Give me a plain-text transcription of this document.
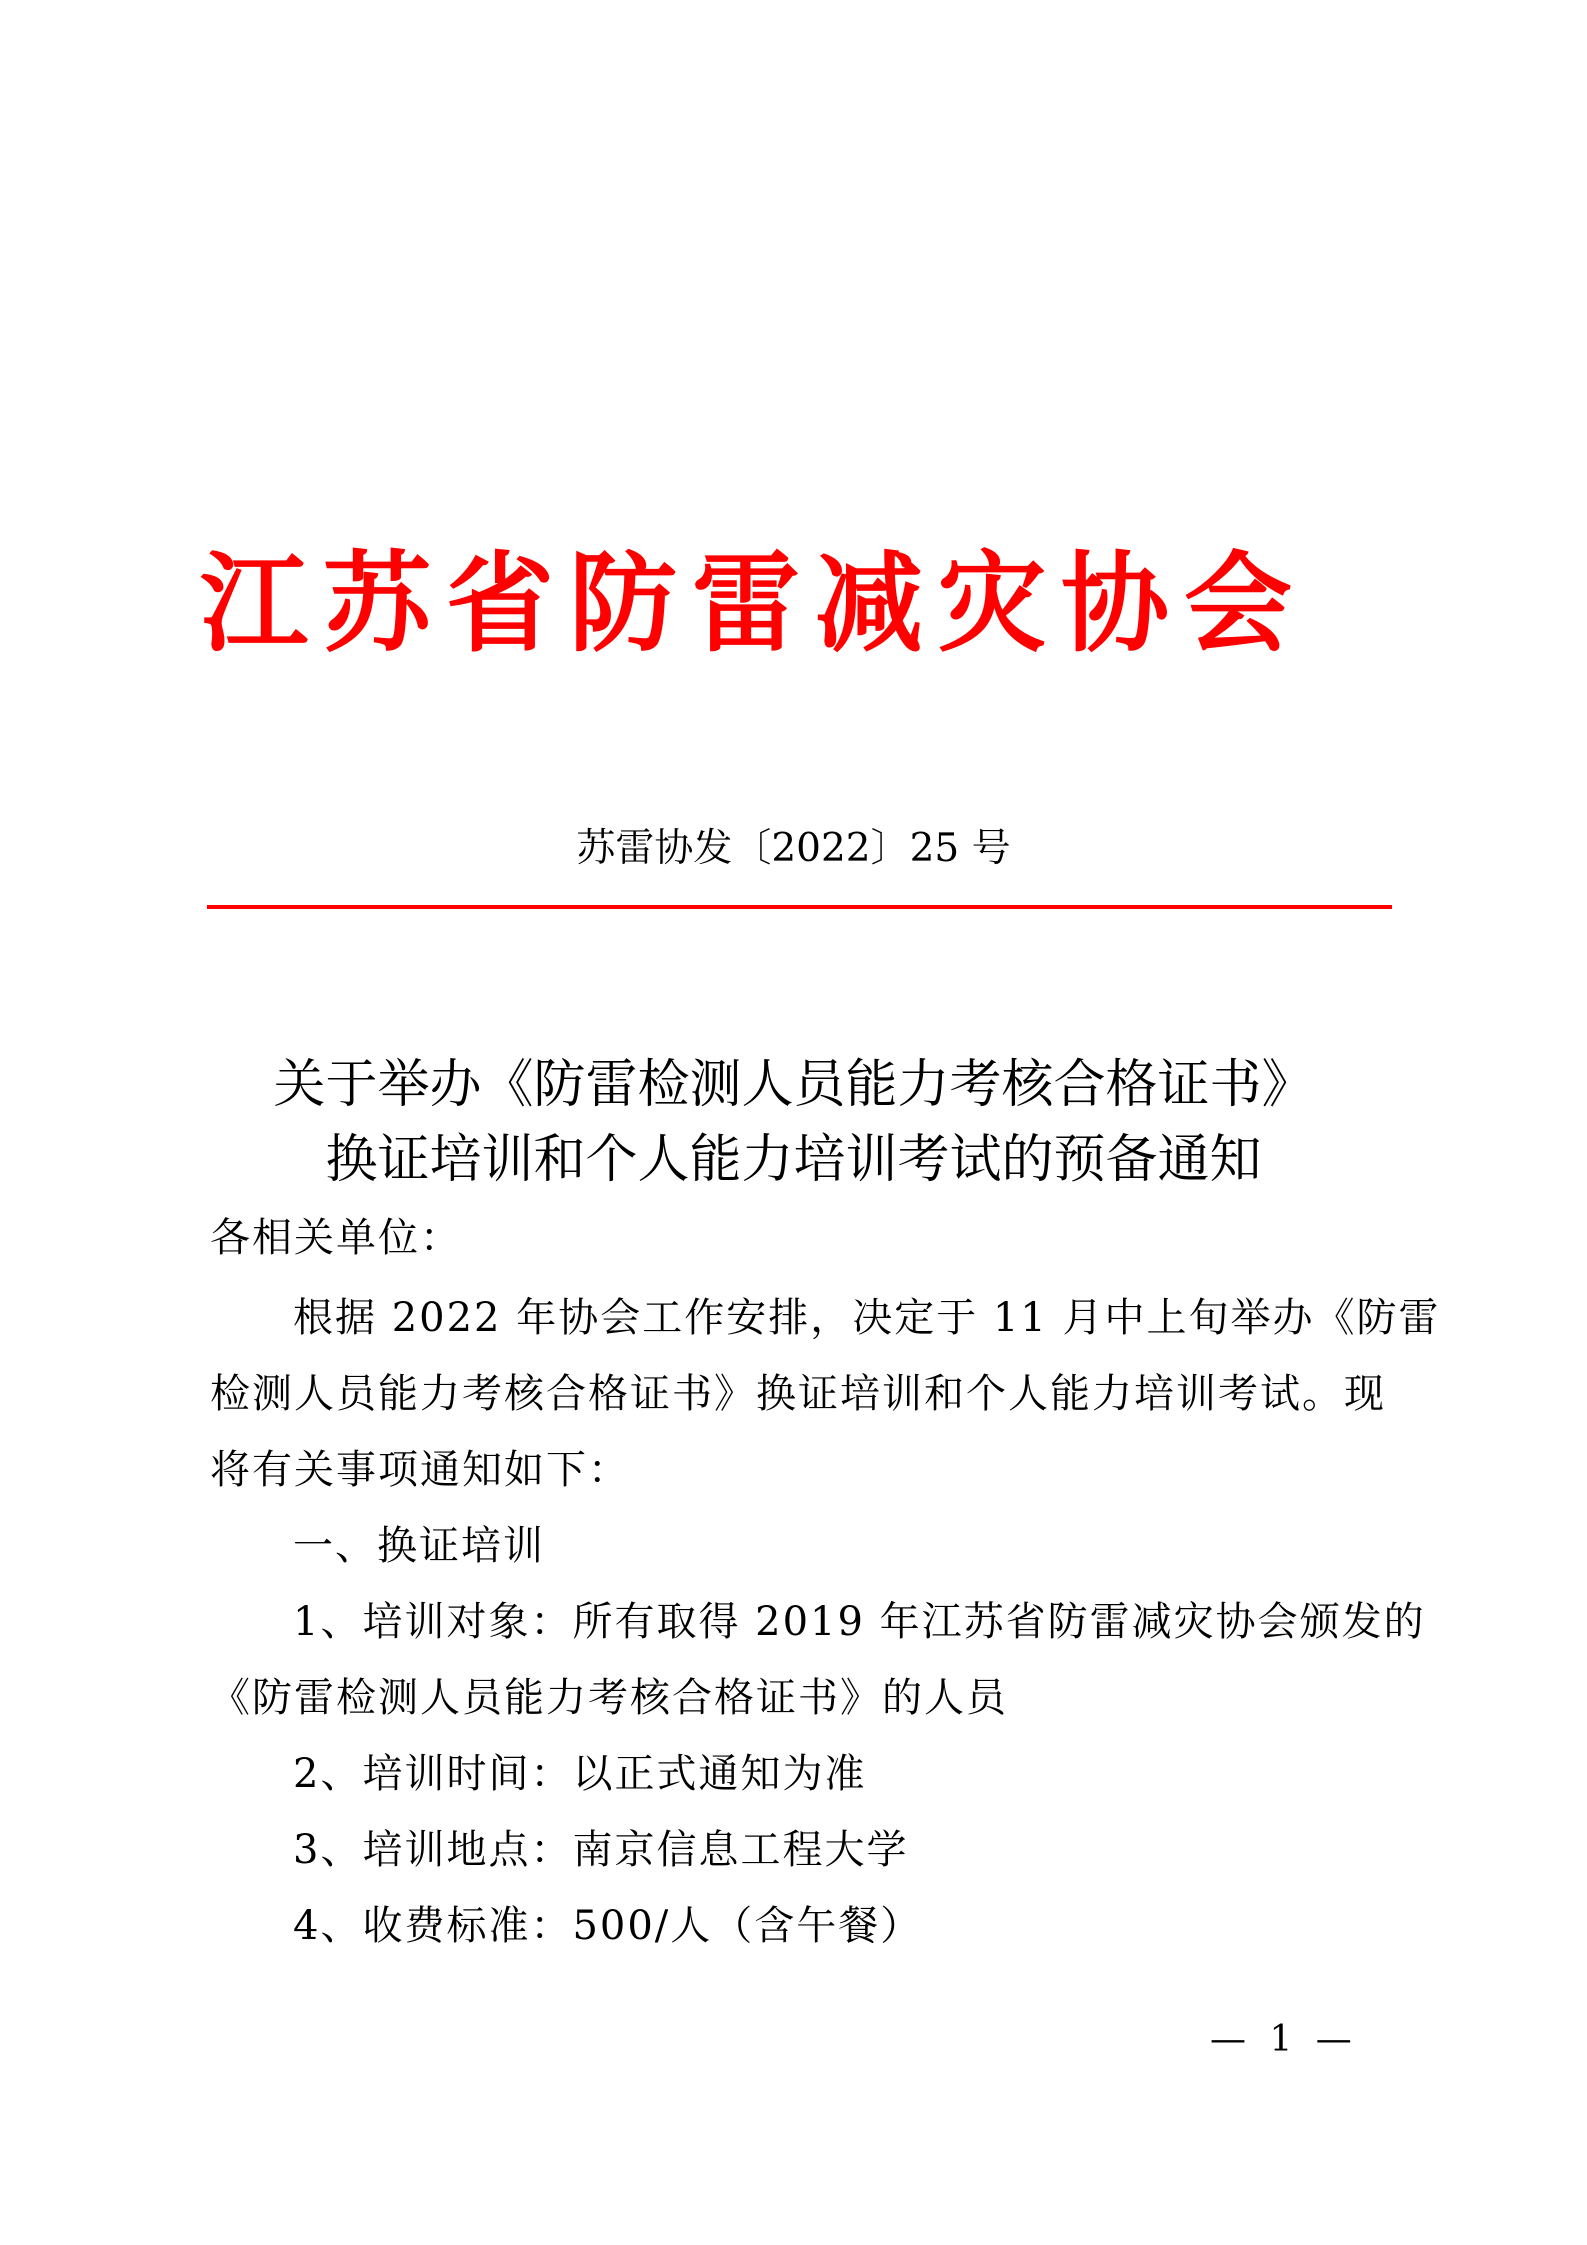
江苏省防雷减灾协会
苏雷协发〔2022〕25 号
关于举办《防雷检测人员能力考核合格证书》
换证培训和个人能力培训考试的预备通知
各相关单位：
根据 2022 年协会工作安排，决定于 11 月中上旬举办《防雷
检测人员能力考核合格证书》换证培训和个人能力培训考试。现
将有关事项通知如下：
一、换证培训
1、培训对象：所有取得 2019 年江苏省防雷减灾协会颁发的
《防雷检测人员能力考核合格证书》的人员
2、培训时间：以正式通知为准
3、培训地点：南京信息工程大学
4、收费标准：500/人（含午餐）
— 1 —
